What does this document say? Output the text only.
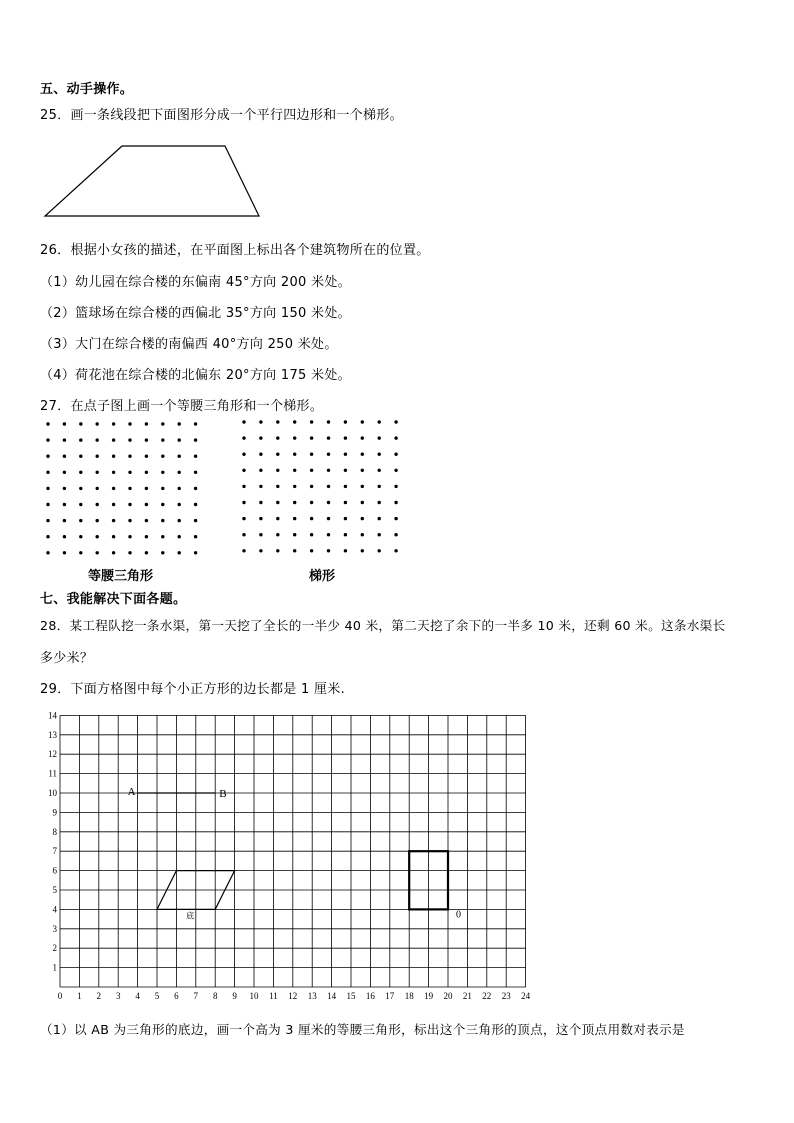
五、动手操作。
25．画一条线段把下面图形分成一个平行四边形和一个梯形。
26．根据小女孩的描述，在平面图上标出各个建筑物所在的位置。
（1）幼儿园在综合楼的东偏南 45°方向 200 米处。
（2）篮球场在综合楼的西偏北 35°方向 150 米处。
（3）大门在综合楼的南偏西 40°方向 250 米处。
（4）荷花池在综合楼的北偏东 20°方向 175 米处。
27．在点子图上画一个等腰三角形和一个梯形。
等腰三角形	梯形
七、我能解决下面各题。
28．某工程队挖一条水渠，第一天挖了全长的一半少 40 米，第二天挖了余下的一半多 10 米，还剩 60 米。这条水渠长
多少米？
29．下面方格图中每个小正方形的边长都是 1 厘米.
0 1 2 3 4 5 6 7 8 9 10 11 12 13 14 15 16 17 18 19 20 21 22 23 24
1
2
3
4
5
6
7
8
9
10
11
12
13
14
A	B
底	0
（1）以 AB 为三角形的底边，画一个高为 3 厘米的等腰三角形，标出这个三角形的顶点，这个顶点用数对表示是
